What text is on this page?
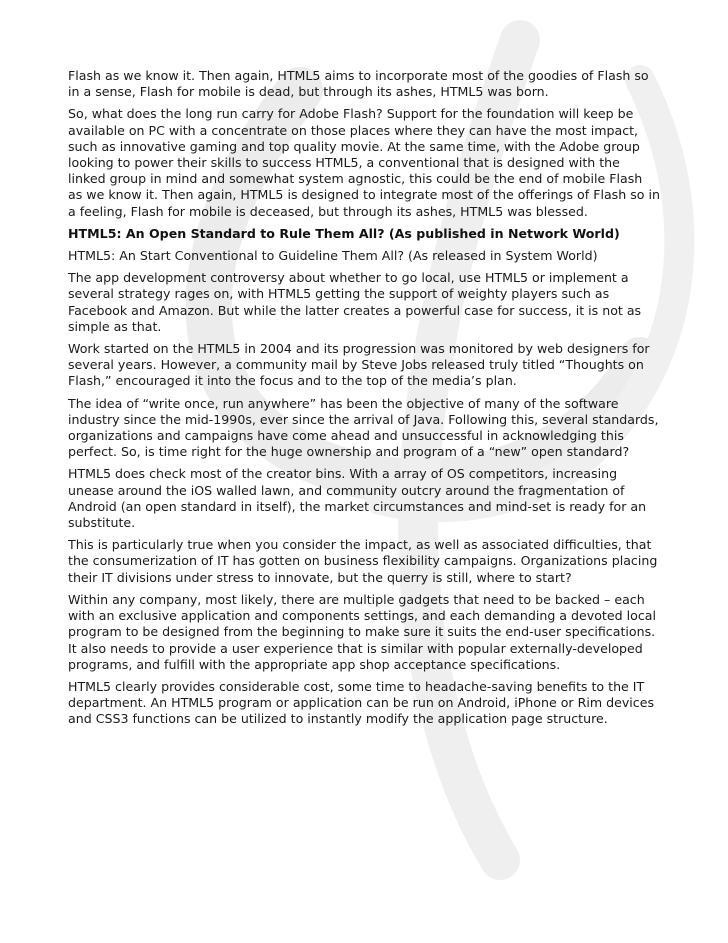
Flash as we know it. Then again, HTML5 aims to incorporate most of the goodies of Flash so in a sense, Flash for mobile is dead, but through its ashes, HTML5 was born.

So, what does the long run carry for Adobe Flash? Support for the foundation will keep be available on PC with a concentrate on those places where they can have the most impact, such as innovative gaming and top quality movie. At the same time, with the Adobe group looking to power their skills to success HTML5, a conventional that is designed with the linked group in mind and somewhat system agnostic, this could be the end of mobile Flash as we know it. Then again, HTML5 is designed to integrate most of the offerings of Flash so in a feeling, Flash for mobile is deceased, but through its ashes, HTML5 was blessed.

HTML5: An Open Standard to Rule Them All? (As published in Network World)

HTML5: An Start Conventional to Guideline Them All? (As released in System World)

The app development controversy about whether to go local, use HTML5 or implement a several strategy rages on, with HTML5 getting the support of weighty players such as Facebook and Amazon. But while the latter creates a powerful case for success, it is not as simple as that.

Work started on the HTML5 in 2004 and its progression was monitored by web designers for several years. However, a community mail by Steve Jobs released truly titled “Thoughts on Flash,” encouraged it into the focus and to the top of the media’s plan.

The idea of “write once, run anywhere” has been the objective of many of the software industry since the mid-1990s, ever since the arrival of Java. Following this, several standards, organizations and campaigns have come ahead and unsuccessful in acknowledging this perfect. So, is time right for the huge ownership and program of a “new” open standard?

HTML5 does check most of the creator bins. With a array of OS competitors, increasing unease around the iOS walled lawn, and community outcry around the fragmentation of Android (an open standard in itself), the market circumstances and mind-set is ready for an substitute.

This is particularly true when you consider the impact, as well as associated difficulties, that the consumerization of IT has gotten on business flexibility campaigns. Organizations placing their IT divisions under stress to innovate, but the querry is still, where to start?

Within any company, most likely, there are multiple gadgets that need to be backed – each with an exclusive application and components settings, and each demanding a devoted local program to be designed from the beginning to make sure it suits the end-user specifications. It also needs to provide a user experience that is similar with popular externally-developed programs, and fulfill with the appropriate app shop acceptance specifications.

HTML5 clearly provides considerable cost, some time to headache-saving benefits to the IT department. An HTML5 program or application can be run on Android, iPhone or Rim devices and CSS3 functions can be utilized to instantly modify the application page structure.
